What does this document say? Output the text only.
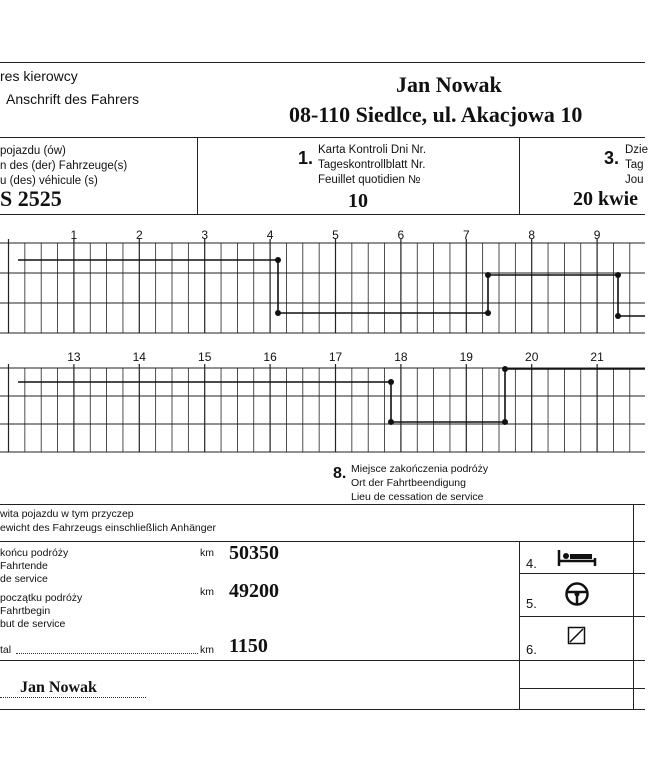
res kierowcy
Anschrift des Fahrers
Jan Nowak
08-110 Siedlce, ul. Akacjowa 10
pojazdu (ów)
n des (der) Fahrzeuge(s)
u (des) véhicule (s)
S 2525
1. Karta Kontroli Dni Nr.
Tageskontrollblatt Nr.
Feuillet quotidien №
10
3. Dzie
Tag
Jou
20 kwie
1	2	3	4	5	6	7	8	9
13	14	15	16	17	18	19	20	21
8. Miejsce zakończenia podróży
Ort der Fahrtbeendigung
Lieu de cessation de service
wita pojazdu w tym przyczep
ewicht des Fahrzeugs einschließlich Anhänger
końcu podróży
Fahrtende
de service
km 50350
początku podróży
Fahrtbegin
but de service
km 49200
tal	km 1150
Jan Nowak
4.
5.
6.
